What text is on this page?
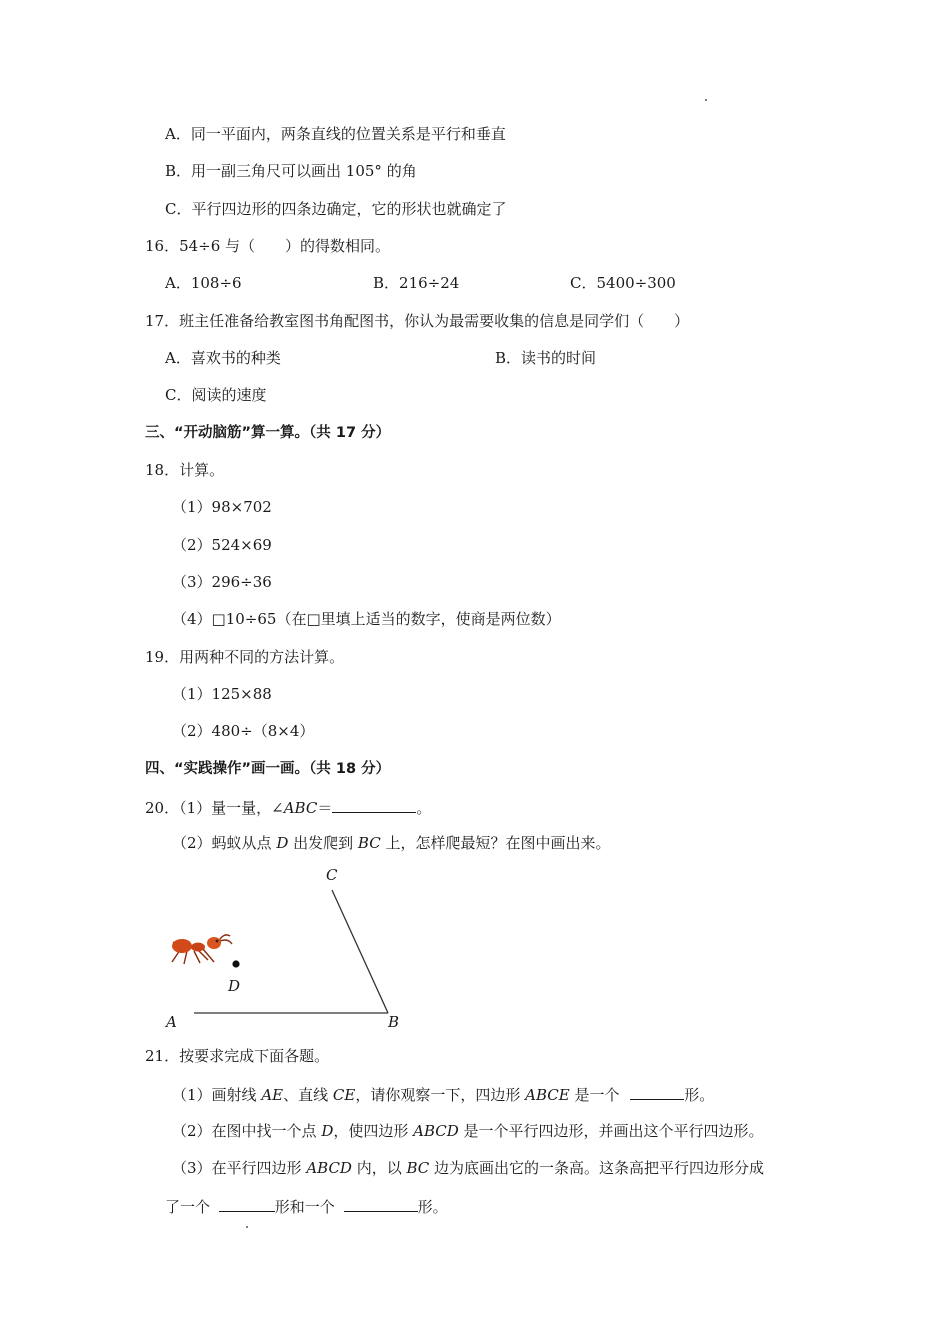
A．同一平面内，两条直线的位置关系是平行和垂直
B．用一副三角尺可以画出 105° 的角
C．平行四边形的四条边确定，它的形状也就确定了
16．54÷6 与（　　）的得数相同。
A．108÷6	B．216÷24	C．5400÷300
17．班主任准备给教室图书角配图书，你认为最需要收集的信息是同学们（　　）
A．喜欢书的种类	B．读书的时间
C．阅读的速度
三、“开动脑筋”算一算。（共 17 分）
18．计算。
（1）98×702
（2）524×69
（3）296÷36
（4）□10÷65（在□里填上适当的数字，使商是两位数）
19．用两种不同的方法计算。
（1）125×88
（2）480÷（8×4）
四、“实践操作”画一画。（共 18 分）
20．（1）量一量，∠ABC＝	。
（2）蚂蚁从点 D 出发爬到 BC 上，怎样爬最短？在图中画出来。
C
D
A	B
21．按要求完成下面各题。
（1）画射线 AE、直线 CE，请你观察一下，四边形 ABCE 是一个	形。
（2）在图中找一个点 D，使四边形 ABCD 是一个平行四边形，并画出这个平行四边形。
（3）在平行四边形 ABCD 内，以 BC 边为底画出它的一条高。这条高把平行四边形分成
了一个	形和一个	形。
